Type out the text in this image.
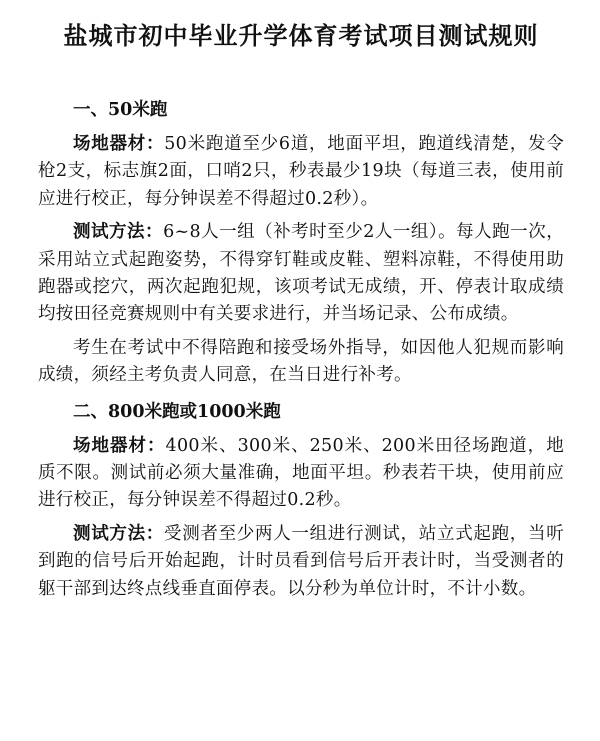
盐城市初中毕业升学体育考试项目测试规则
一、50米跑

场地器材：50米跑道至少6道，地面平坦，跑道线清楚，发令枪2支，标志旗2面，口哨2只，秒表最少19块（每道三表，使用前应进行校正，每分钟误差不得超过0.2秒）。

测试方法：6~8人一组（补考时至少2人一组）。每人跑一次，采用站立式起跑姿势，不得穿钉鞋或皮鞋、塑料凉鞋，不得使用助跑器或挖穴，两次起跑犯规，该项考试无成绩，开、停表计取成绩均按田径竞赛规则中有关要求进行，并当场记录、公布成绩。

考生在考试中不得陪跑和接受场外指导，如因他人犯规而影响成绩，须经主考负责人同意，在当日进行补考。

二、800米跑或1000米跑

场地器材：400米、300米、250米、200米田径场跑道，地质不限。测试前必须大量准确，地面平坦。秒表若干块，使用前应进行校正，每分钟误差不得超过0.2秒。

测试方法：受测者至少两人一组进行测试，站立式起跑，当听到跑的信号后开始起跑，计时员看到信号后开表计时，当受测者的躯干部到达终点线垂直面停表。以分秒为单位计时，不计小数。
